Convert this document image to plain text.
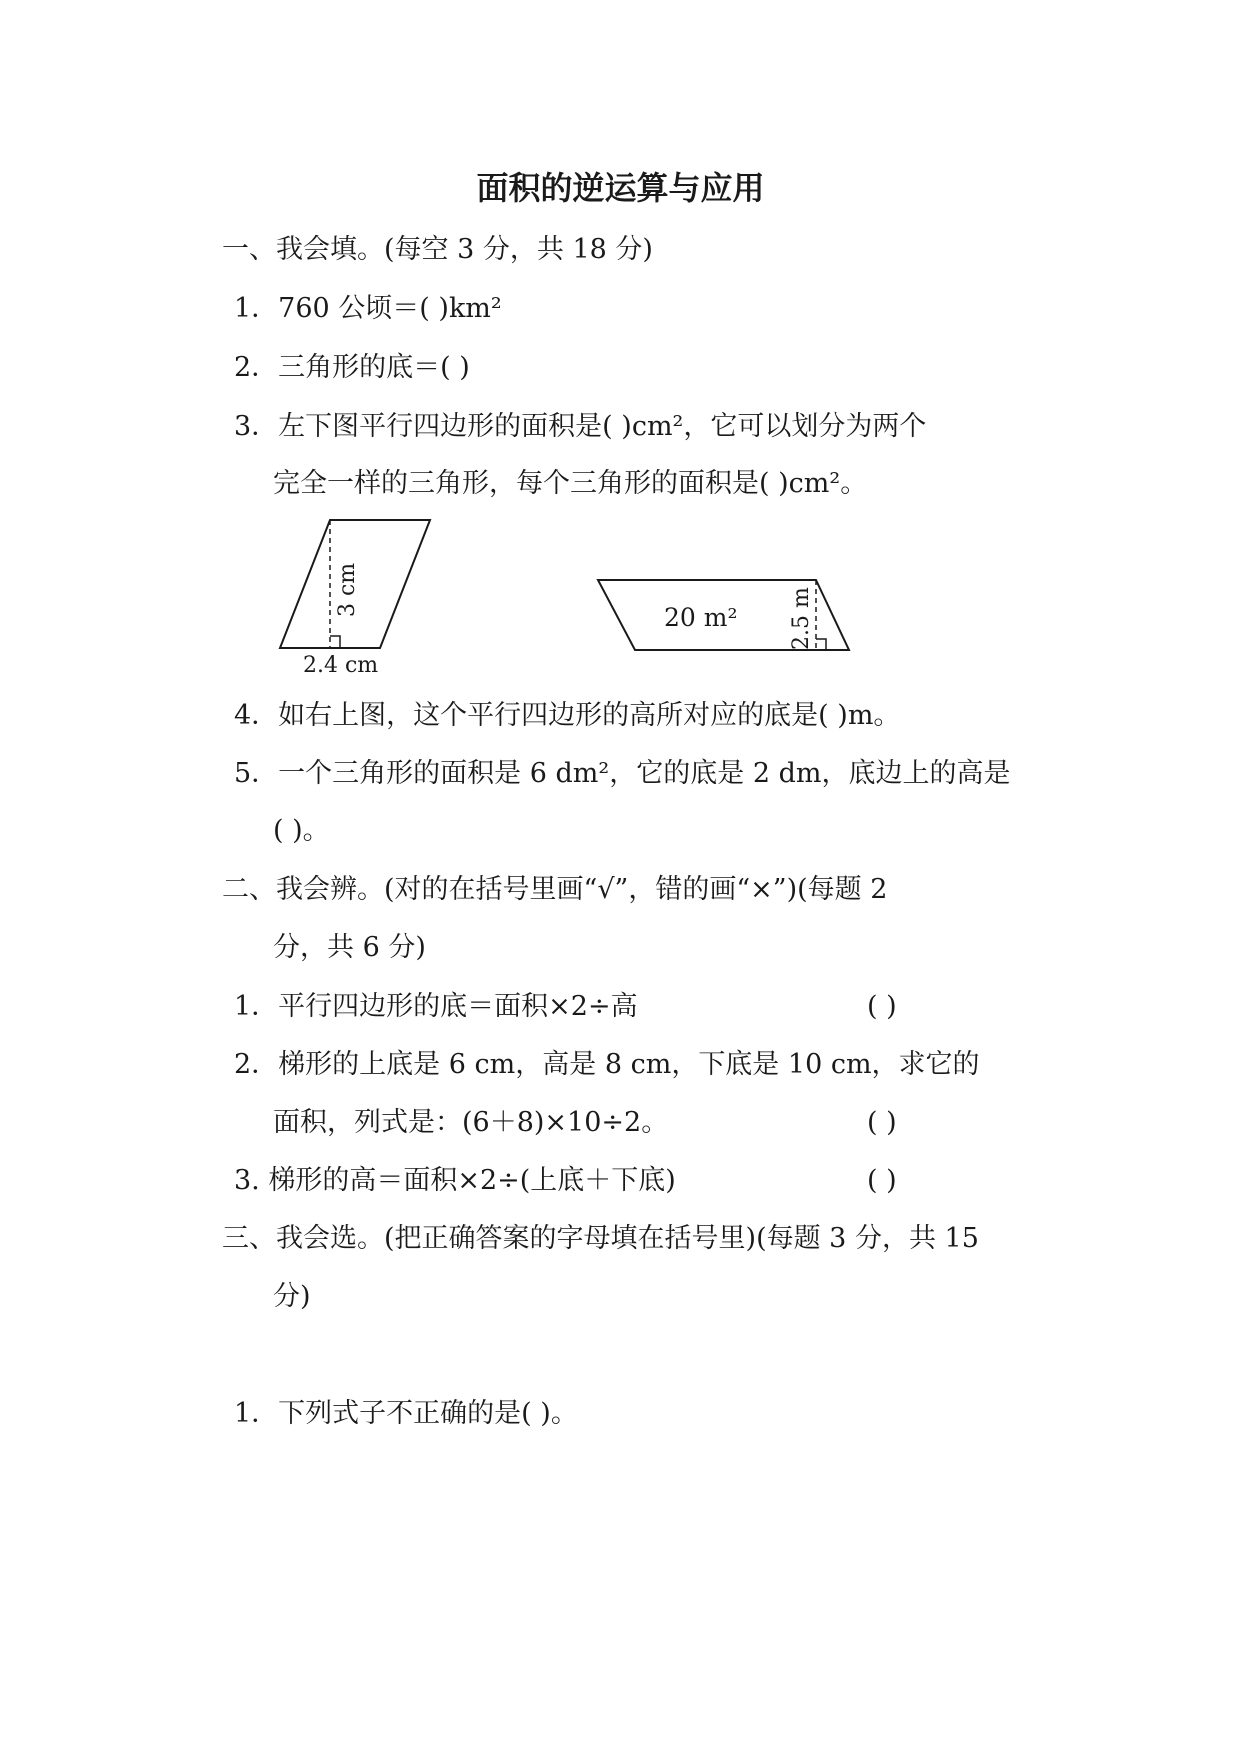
面积的逆运算与应用
一、我会填。(每空 3 分，共 18 分)
1．760 公顷＝( )km²
2．三角形的底＝( )
3．左下图平行四边形的面积是( )cm²，它可以划分为两个
完全一样的三角形，每个三角形的面积是( )cm²。
3 cm
2.4 cm
20 m² 2.5 m
4．如右上图，这个平行四边形的高所对应的底是( )m。
5．一个三角形的面积是 6 dm²，它的底是 2 dm，底边上的高是
( )。
二、我会辨。(对的在括号里画“√”，错的画“×”)(每题 2
分，共 6 分)
1．平行四边形的底＝面积×2÷高	( )
2．梯形的上底是 6 cm，高是 8 cm，下底是 10 cm，求它的
面积，列式是：(6＋8)×10÷2。	( )
3. 梯形的高＝面积×2÷(上底＋下底)	( )
三、我会选。(把正确答案的字母填在括号里)(每题 3 分，共 15
分)
1．下列式子不正确的是( )。
